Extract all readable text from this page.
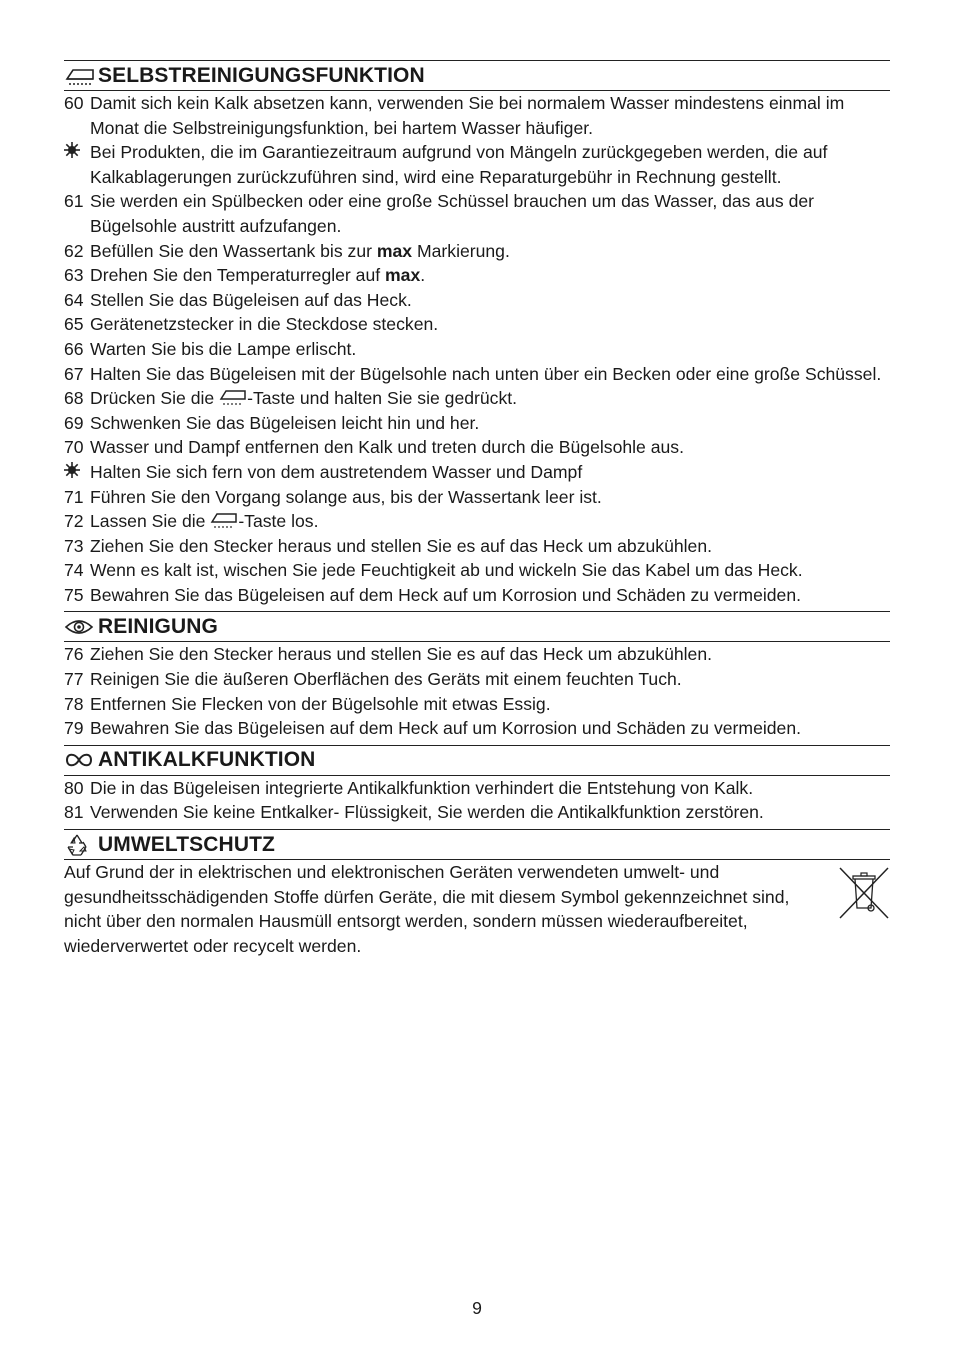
SELBSTREINIGUNGSFUNKTION
60 Damit sich kein Kalk absetzen kann, verwenden Sie bei normalem Wasser mindestens einmal im Monat die Selbstreinigungsfunktion, bei hartem Wasser häufiger.
Bei Produkten, die im Garantiezeitraum aufgrund von Mängeln zurückgegeben werden, die auf Kalkablagerungen zurückzuführen sind, wird eine Reparaturgebühr in Rechnung gestellt.
61 Sie werden ein Spülbecken oder eine große Schüssel brauchen um das Wasser, das aus der Bügelsohle austritt aufzufangen.
62 Befüllen Sie den Wassertank bis zur max Markierung.
63 Drehen Sie den Temperaturregler auf max.
64 Stellen Sie das Bügeleisen auf das Heck.
65 Gerätenetzstecker in die Steckdose stecken.
66 Warten Sie bis die Lampe erlischt.
67 Halten Sie das Bügeleisen mit der Bügelsohle nach unten über ein Becken oder eine große Schüssel.
68 Drücken Sie die -Taste und halten Sie sie gedrückt.
69 Schwenken Sie das Bügeleisen leicht hin und her.
70 Wasser und Dampf entfernen den Kalk und treten durch die Bügelsohle aus.
Halten Sie sich fern von dem austretendem Wasser und Dampf
71 Führen Sie den Vorgang solange aus, bis der Wassertank leer ist.
72 Lassen Sie die -Taste los.
73 Ziehen Sie den Stecker heraus und stellen Sie es auf das Heck um abzukühlen.
74 Wenn es kalt ist, wischen Sie jede Feuchtigkeit ab und wickeln Sie das Kabel um das Heck.
75 Bewahren Sie das Bügeleisen auf dem Heck auf um Korrosion und Schäden zu vermeiden.
REINIGUNG
76 Ziehen Sie den Stecker heraus und stellen Sie es auf das Heck um abzukühlen.
77 Reinigen Sie die äußeren Oberflächen des Geräts mit einem feuchten Tuch.
78 Entfernen Sie Flecken von der Bügelsohle mit etwas Essig.
79 Bewahren Sie das Bügeleisen auf dem Heck auf um Korrosion und Schäden zu vermeiden.
ANTIKALKFUNKTION
80 Die in das Bügeleisen integrierte Antikalkfunktion verhindert die Entstehung von Kalk.
81 Verwenden Sie keine Entkalker- Flüssigkeit, Sie werden die Antikalkfunktion zerstören.
UMWELTSCHUTZ

Auf Grund der in elektrischen und elektronischen Geräten verwendeten umwelt- und gesundheitsschädigenden Stoffe dürfen Geräte, die mit diesem Symbol gekennzeichnet sind, nicht über den normalen Hausmüll entsorgt werden, sondern müssen wiederaufbereitet, wiederverwertet oder recycelt werden.

9
